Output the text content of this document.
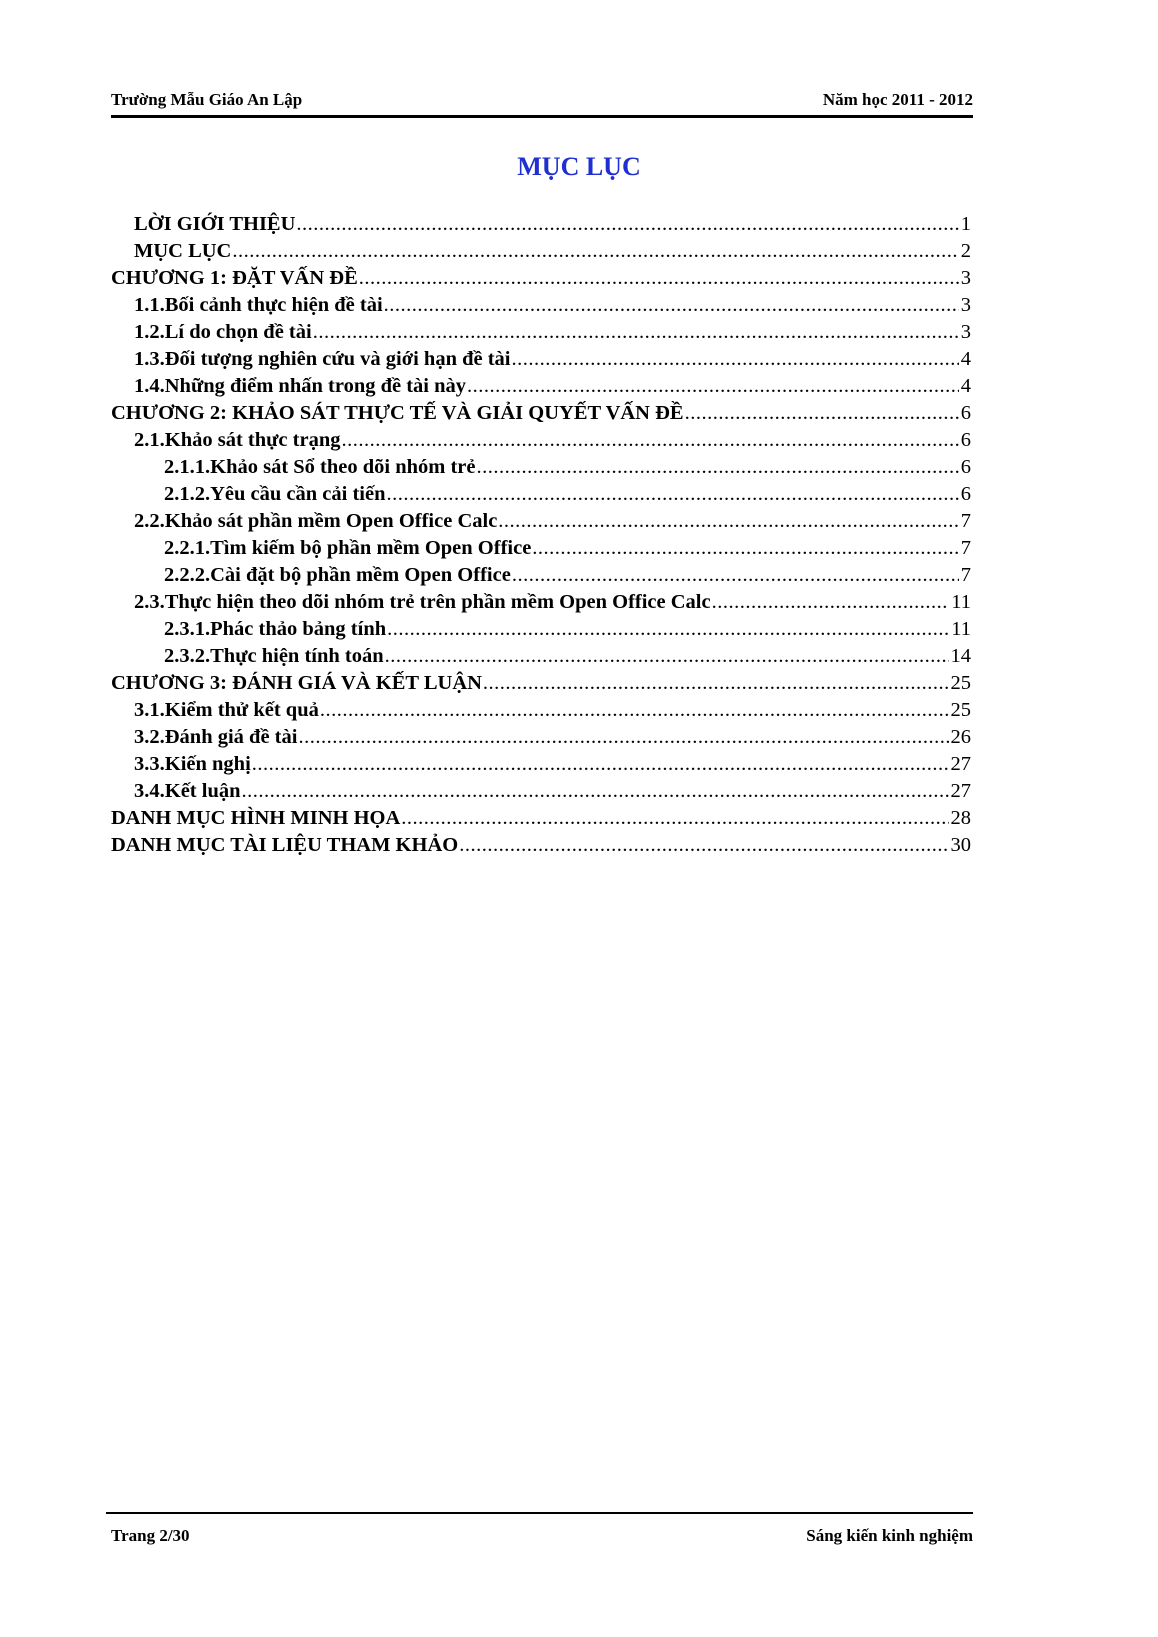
Trường Mẫu Giáo An Lập	Năm học 2011 - 2012
MỤC LỤC
LỜI GIỚI THIỆU .....	1
MỤC LỤC .....	2
CHƯƠNG 1: ĐẶT VẤN ĐỀ .....	3
1.1. Bối cảnh thực hiện đề tài .....	3
1.2. Lí do chọn đề tài .....	3
1.3. Đối tượng nghiên cứu và giới hạn đề tài .....	4
1.4. Những điểm nhấn trong đề tài này .....	4
CHƯƠNG 2: KHẢO SÁT THỰC TẾ VÀ GIẢI QUYẾT VẤN ĐỀ .....	6
2.1. Khảo sát thực trạng .....	6
2.1.1. Khảo sát Sổ theo dõi nhóm trẻ .....	6
2.1.2. Yêu cầu cần cải tiến .....	6
2.2. Khảo sát phần mềm Open Office Calc .....	7
2.2.1. Tìm kiếm bộ phần mềm Open Office .....	7
2.2.2. Cài đặt bộ phần mềm Open Office .....	7
2.3. Thực hiện theo dõi nhóm trẻ trên phần mềm Open Office Calc .....	11
2.3.1. Phác thảo bảng tính .....	11
2.3.2. Thực hiện tính toán .....	14
CHƯƠNG 3: ĐÁNH GIÁ VÀ KẾT LUẬN .....	25
3.1. Kiểm thử kết quả .....	25
3.2. Đánh giá đề tài .....	26
3.3. Kiến nghị .....	27
3.4. Kết luận .....	27
DANH MỤC HÌNH MINH HỌA .....	28
DANH MỤC TÀI LIỆU THAM KHẢO .....	30
Trang 2/30	Sáng kiến kinh nghiệm
